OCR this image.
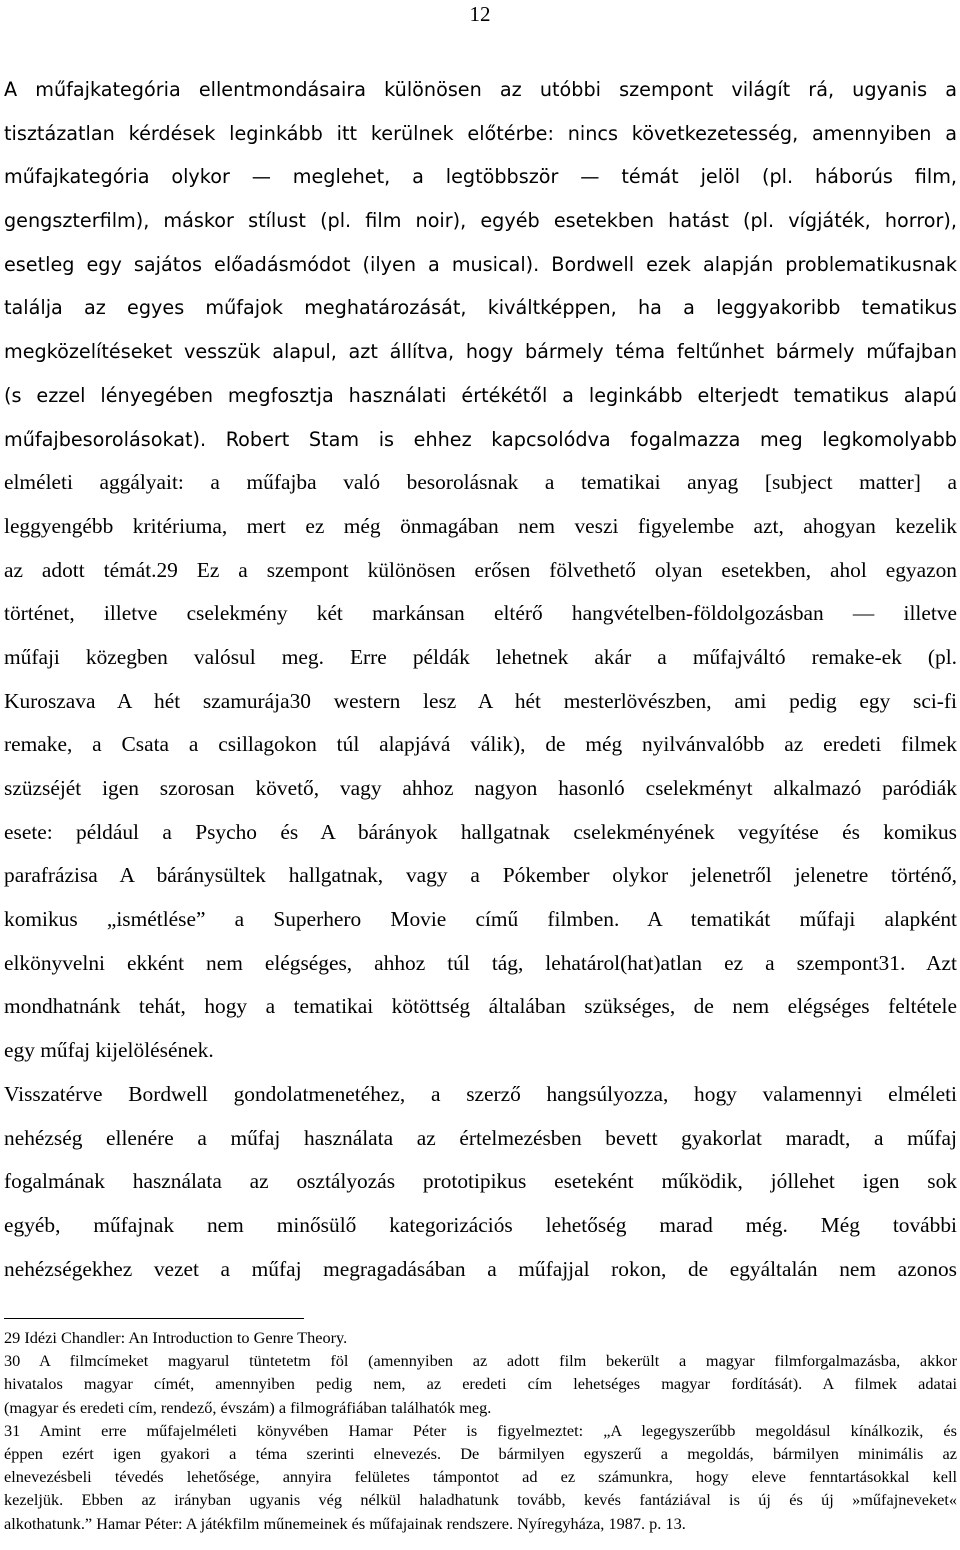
12
A műfajkategória ellentmondásaira különösen az utóbbi szempont világít rá, ugyanis a
tisztázatlan kérdések leginkább itt kerülnek előtérbe: nincs következetesség, amennyiben a
műfajkategória olykor — meglehet, a legtöbbször — témát jelöl (pl. háborús film,
gengszterfilm), máskor stílust (pl. film noir), egyéb esetekben hatást (pl. vígjáték, horror),
esetleg egy sajátos előadásmódot (ilyen a musical). Bordwell ezek alapján problematikusnak
találja az egyes műfajok meghatározását, kiváltképpen, ha a leggyakoribb tematikus
megközelítéseket vesszük alapul, azt állítva, hogy bármely téma feltűnhet bármely műfajban
(s ezzel lényegében megfosztja használati értékétől a leginkább elterjedt tematikus alapú
műfajbesorolásokat). Robert Stam is ehhez kapcsolódva fogalmazza meg legkomolyabb
elméleti aggályait: a műfajba való besorolásnak a tematikai anyag [subject matter] a
leggyengébb kritériuma, mert ez még önmagában nem veszi figyelembe azt, ahogyan kezelik
az adott témát.29 Ez a szempont különösen erősen fölvethető olyan esetekben, ahol egyazon
történet, illetve cselekmény két markánsan eltérő hangvételben-földolgozásban — illetve
műfaji közegben valósul meg. Erre példák lehetnek akár a műfajváltó remake-ek (pl.
Kuroszava A hét szamurája30 western lesz A hét mesterlövészben, ami pedig egy sci-fi
remake, a Csata a csillagokon túl alapjává válik), de még nyilvánvalóbb az eredeti filmek
szüzséjét igen szorosan követő, vagy ahhoz nagyon hasonló cselekményt alkalmazó paródiák
esete: például a Psycho és A bárányok hallgatnak cselekményének vegyítése és komikus
parafrázisa A báránysültek hallgatnak, vagy a Pókember olykor jelenetről jelenetre történő,
komikus „ismétlése” a Superhero Movie című filmben. A tematikát műfaji alapként
elkönyvelni ekként nem elégséges, ahhoz túl tág, lehatárol(hat)atlan ez a szempont31. Azt
mondhatnánk tehát, hogy a tematikai kötöttség általában szükséges, de nem elégséges feltétele
egy műfaj kijelölésének.
Visszatérve Bordwell gondolatmenetéhez, a szerző hangsúlyozza, hogy valamennyi elméleti
nehézség ellenére a műfaj használata az értelmezésben bevett gyakorlat maradt, a műfaj
fogalmának használata az osztályozás prototipikus eseteként működik, jóllehet igen sok
egyéb, műfajnak nem minősülő kategorizációs lehetőség marad még. Még további
nehézségekhez vezet a műfaj megragadásában a műfajjal rokon, de egyáltalán nem azonos
29 Idézi Chandler: An Introduction to Genre Theory.
30 A filmcímeket magyarul tüntetetm föl (amennyiben az adott film bekerült a magyar filmforgalmazásba, akkor
hivatalos magyar címét, amennyiben pedig nem, az eredeti cím lehetséges magyar fordítását). A filmek adatai
(magyar és eredeti cím, rendező, évszám) a filmográfiában találhatók meg.
31 Amint erre műfajelméleti könyvében Hamar Péter is figyelmeztet: „A legegyszerűbb megoldásul kínálkozik, és
éppen ezért igen gyakori a téma szerinti elnevezés. De bármilyen egyszerű a megoldás, bármilyen minimális az
elnevezésbeli tévedés lehetősége, annyira felületes támpontot ad ez számunkra, hogy eleve fenntartásokkal kell
kezeljük. Ebben az irányban ugyanis vég nélkül haladhatunk tovább, kevés fantáziával is új és új »műfajneveket«
alkothatunk.” Hamar Péter: A játékfilm műnemeinek és műfajainak rendszere. Nyíregyháza, 1987. p. 13.
